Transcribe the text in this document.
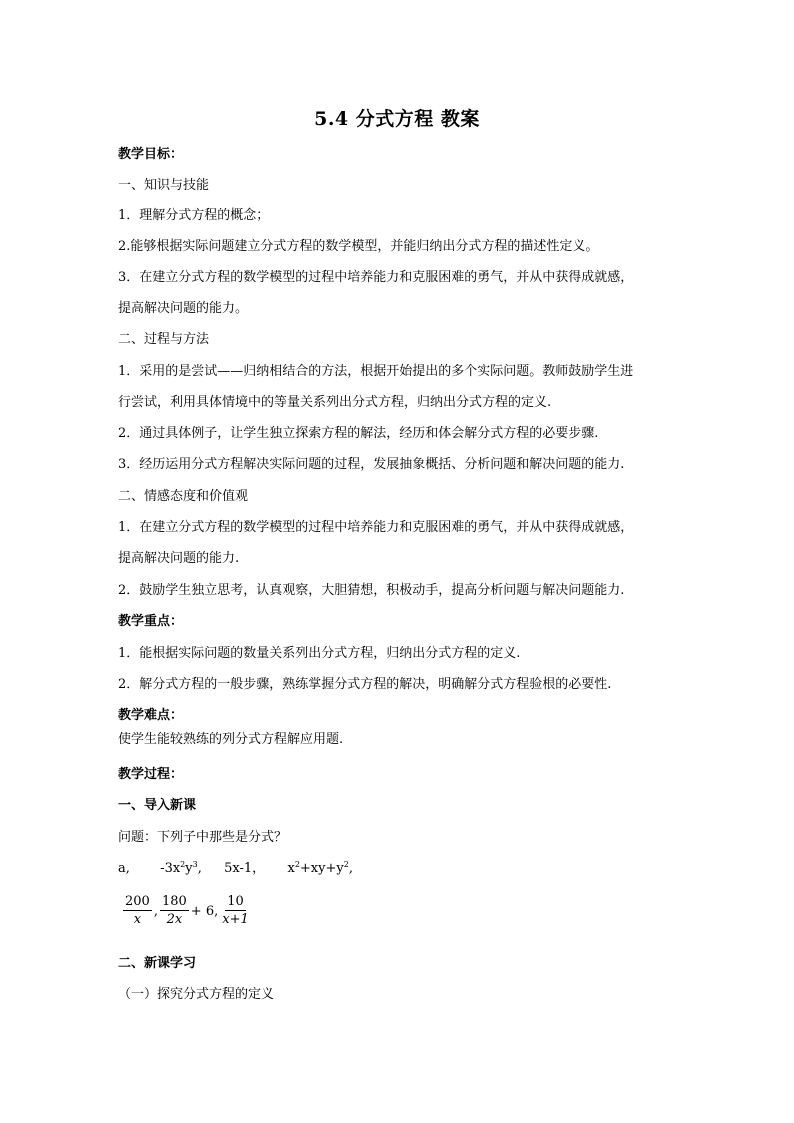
5.4 分式方程 教案
教学目标：
一、知识与技能
1．理解分式方程的概念；
2.能够根据实际问题建立分式方程的数学模型，并能归纳出分式方程的描述性定义。
3．在建立分式方程的数学模型的过程中培养能力和克服困难的勇气，并从中获得成就感，
提高解决问题的能力。
二、过程与方法
1．采用的是尝试——归纳相结合的方法，根据开始提出的多个实际问题。教师鼓励学生进
行尝试，利用具体情境中的等量关系列出分式方程，归纳出分式方程的定义.
2．通过具体例子，让学生独立探索方程的解法，经历和体会解分式方程的必要步骤.
3．经历运用分式方程解决实际问题的过程，发展抽象概括、分析问题和解决问题的能力.
二、情感态度和价值观
1．在建立分式方程的数学模型的过程中培养能力和克服困难的勇气，并从中获得成就感，
提高解决问题的能力.
2．鼓励学生独立思考，认真观察，大胆猜想，积极动手，提高分析问题与解决问题能力.
教学重点：
1．能根据实际问题的数量关系列出分式方程，归纳出分式方程的定义.
2．解分式方程的一般步骤，熟练掌握分式方程的解决，明确解分式方程验根的必要性.
教学难点：
使学生能较熟练的列分式方程解应用题.
教学过程：
一、导入新课
问题：下列子中那些是分式？
a, $-3x^2y^3$, 5x-1， $x^2+xy+y^2$,
$\frac{200}{x}$ , $\frac{180}{2x} + 6$, $\frac{10}{x+1}$
二、新课学习
（一）探究分式方程的定义
